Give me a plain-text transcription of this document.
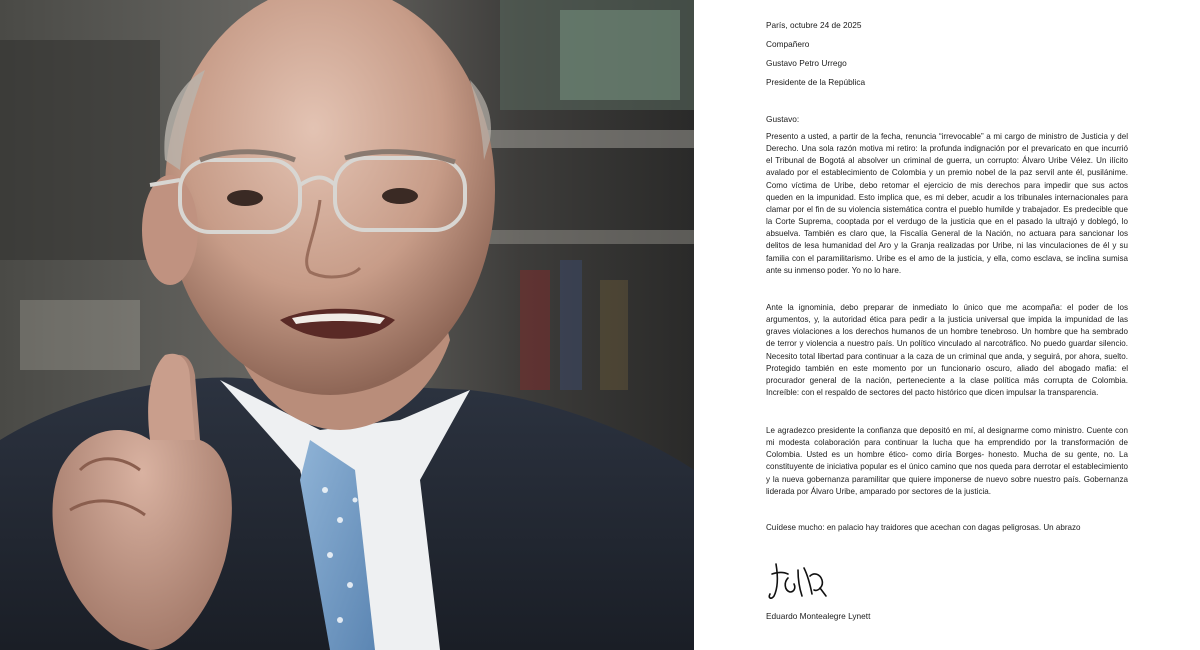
París, octubre 24 de 2025
Compañero
Gustavo Petro Urrego
Presidente de la República
Gustavo:

Presento a usted, a partir de la fecha, renuncia “irrevocable” a mi cargo de ministro de Justicia y del Derecho. Una sola razón motiva mi retiro: la profunda indignación por el prevaricato en que incurrió el Tribunal de Bogotá al absolver un criminal de guerra, un corrupto: Álvaro Uribe Vélez. Un ilícito avalado por el establecimiento de Colombia y un premio nobel de la paz servil ante él, pusilánime. Como víctima de Uribe, debo retomar el ejercicio de mis derechos para impedir que sus actos queden en la impunidad. Esto implica que, es mi deber, acudir a los tribunales internacionales para clamar por el fin de su violencia sistemática contra el pueblo humilde y trabajador. Es predecible que la Corte Suprema, cooptada por el verdugo de la justicia que en el pasado la ultrajó y doblegó, lo absuelva. También es claro que, la Fiscalía General de la Nación, no actuara para sancionar los delitos de lesa humanidad del Aro y la Granja realizadas por Uribe, ni las vinculaciones de él y su familia con el paramilitarismo. Uribe es el amo de la justicia, y ella, como esclava, se inclina sumisa ante su inmenso poder. Yo no lo hare.

Ante la ignominia, debo preparar de inmediato lo único que me acompaña: el poder de los argumentos, y, la autoridad ética para pedir a la justicia universal que impida la impunidad de las graves violaciones a los derechos humanos de un hombre tenebroso. Un hombre que ha sembrado de terror y violencia a nuestro país. Un político vinculado al narcotráfico. No puedo guardar silencio. Necesito total libertad para continuar a la caza de un criminal que anda, y seguirá, por ahora, suelto. Protegido también en este momento por un funcionario oscuro, aliado del abogado mafia: el procurador general de la nación, perteneciente a la clase política más corrupta de Colombia. Increíble: con el respaldo de sectores del pacto histórico que dicen impulsar la transparencia.

Le agradezco presidente la confianza que depositó en mí, al designarme como ministro. Cuente con mi modesta colaboración para continuar la lucha que ha emprendido por la transformación de Colombia. Usted es un hombre ético- como diría Borges- honesto. Mucha de su gente, no. La constituyente de iniciativa popular es el único camino que nos queda para derrotar el establecimiento y la nueva gobernanza paramilitar que quiere imponerse de nuevo sobre nuestro país. Gobernanza liderada por Álvaro Uribe, amparado por sectores de la justicia.

Cuídese mucho: en palacio hay traidores que acechan con dagas peligrosas. Un abrazo

Eduardo Montealegre Lynett
